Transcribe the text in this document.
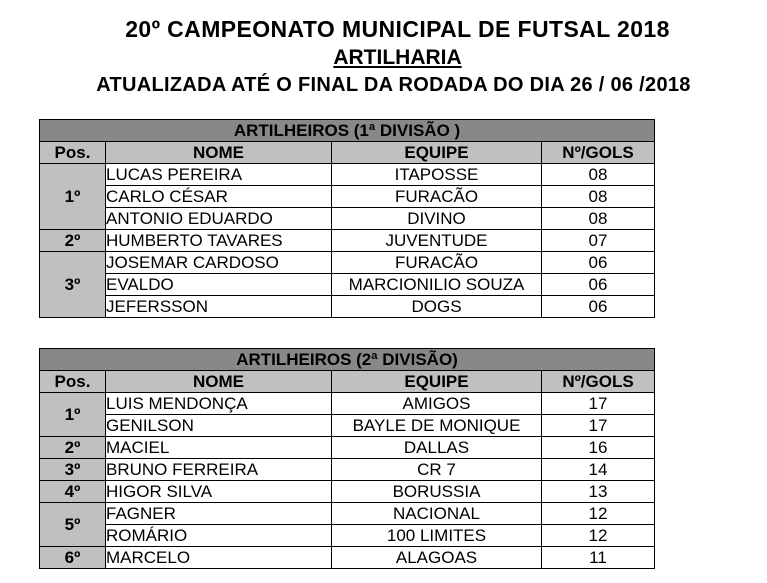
20º CAMPEONATO MUNICIPAL DE FUTSAL 2018
ARTILHARIA
ATUALIZADA ATÉ O FINAL DA RODADA DO DIA 26 / 06 /2018
ARTILHEIROS (1ª DIVISÃO )			
Pos.	NOME	EQUIPE	Nº/GOLS
1º	LUCAS PEREIRA	ITAPOSSE	08
	CARLO CÉSAR	FURACÃO	08
	ANTONIO EDUARDO	DIVINO	08
2º	HUMBERTO TAVARES	JUVENTUDE	07
3º	JOSEMAR CARDOSO	FURACÃO	06
	EVALDO	MARCIONILIO SOUZA	06
	JEFERSSON	DOGS	06
ARTILHEIROS (2ª DIVISÃO)			
Pos.	NOME	EQUIPE	Nº/GOLS
1º	LUIS MENDONÇA	AMIGOS	17
	GENILSON	BAYLE DE MONIQUE	17
2º	MACIEL	DALLAS	16
3º	BRUNO FERREIRA	CR 7	14
4º	HIGOR SILVA	BORUSSIA	13
5º	FAGNER	NACIONAL	12
	ROMÁRIO	100 LIMITES	12
6º	MARCELO	ALAGOAS	11
